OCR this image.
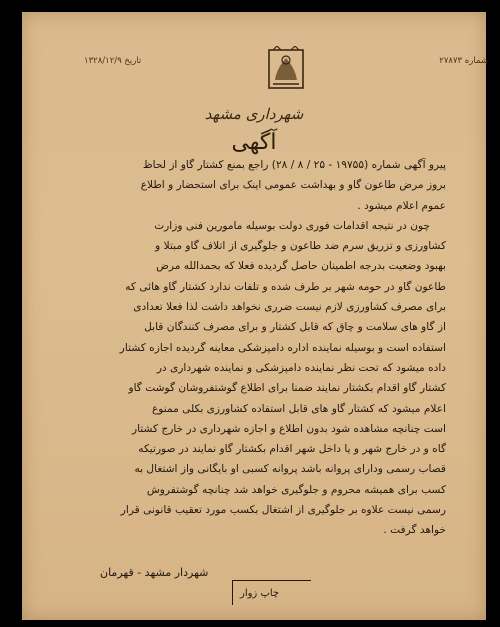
شماره ۲۷۸۷۳
تاریخ ۱۳۲۸/۱۲/۹
شهرداری مشهد
آگهی

پیرو آگهی شماره (۱۹۷۵۵ - ۲۵ / ۸ / ۲۸) راجع بمنع کشتار گاو از لحاظ

بروز مرض طاعون گاو و بهداشت عمومی اینک برای استحضار و اطلاع

عموم اعلام میشود .

چون در نتیجه اقدامات فوری دولت بوسیله مامورین فنی وزارت

کشاورزی و تزریق سرم ضد طاعون و جلوگیری از اتلاف گاو مبتلا و

بهبود وضعیت بدرجه اطمینان حاصل گردیده فعلا که بحمدالله مرض

طاعون گاو در حومه شهر بر طرف شده و تلفات ندارد کشتار گاو هائی که

برای مصرف کشاورزی لازم نیست ضرری نخواهد داشت لذا فعلا تعدادی

از گاو های سلامت و چاق که قابل کشتار و برای مصرف کنندگان قابل

استفاده است و بوسیله نماینده اداره دامپزشکی معاینه گردیده اجازه کشتار

داده میشود که تحت نظر نماینده دامپزشکی و نماینده شهرداری در

کشتار گاو اقدام بکشتار نمایند ضمنا برای اطلاع گوشتفروشان گوشت گاو

اعلام میشود که کشتار گاو های قابل استفاده کشاورزی بکلی ممنوع

است چنانچه مشاهده شود بدون اطلاع و اجازه شهرداری در خارج کشتار

گاه و در خارج شهر و یا داخل شهر اقدام بکشتار گاو نمایند در صورتیکه

قصاب رسمی ودارای پروانه باشد پروانه کسبی او بایگانی واز اشتغال به

کسب برای همیشه محروم و جلوگیری خواهد شد چنانچه گوشتفروش

رسمی نیست علاوه بر جلوگیری از اشتغال بکسب مورد تعقیب قانونی قرار

خواهد گرفت .

شهردار مشهد - قهرمان
چاپ زوار
